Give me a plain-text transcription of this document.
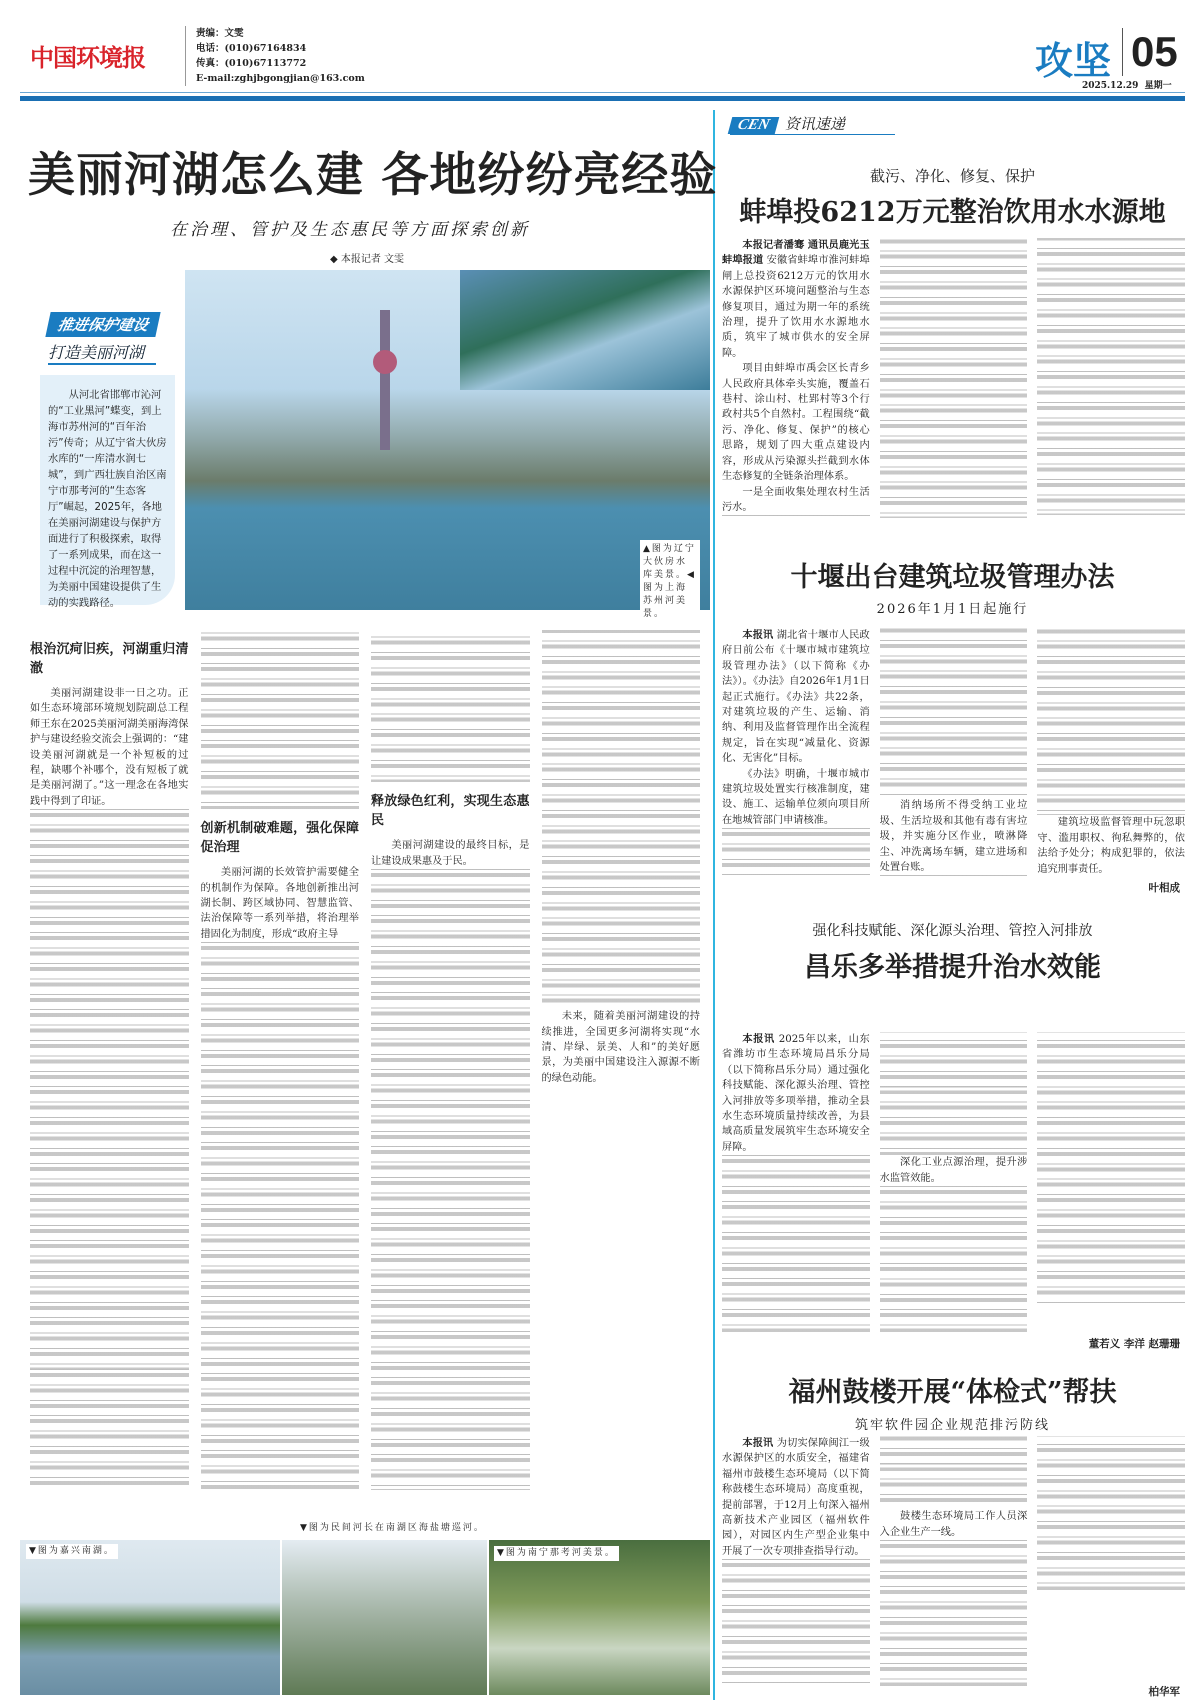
中国环境报
责编：文雯
电话：(010)67164834
传真：(010)67113772
E-mail:zghjbgongjian@163.com	攻坚 05
2025.12.29 星期一
美丽河湖怎么建 各地纷纷亮经验
在治理、管护及生态惠民等方面探索创新
◆ 本报记者 文雯
推进保护建设
打造美丽河湖
从河北省邯郸市沁河的“工业黑河”蝶变，到上海市苏州河的“百年治污”传奇；从辽宁省大伙房水库的“一库清水润七城”，到广西壮族自治区南宁市那考河的“生态客厅”崛起，2025年，各地在美丽河湖建设与保护方面进行了积极探索，取得了一系列成果，而在这一过程中沉淀的治理智慧，为美丽中国建设提供了生动的实践路径。
▲图为辽宁大伙房水库美景。◀图为上海苏州河美景。
根治沉疴旧疾，河湖重归清澈

美丽河湖建设非一日之功。正如生态环境部环境规划院副总工程师王东在2025美丽河湖美丽海湾保护与建设经验交流会上强调的：“建设美丽河湖就是一个补短板的过程，缺哪个补哪个，没有短板了就是美丽河湖了。”这一理念在各地实践中得到了印证。

创新机制破难题，强化保障促治理

美丽河湖的长效管护需要健全的机制作为保障。各地创新推出河湖长制、跨区域协同、智慧监管、法治保障等一系列举措，将治理举措固化为制度，形成“政府主导

释放绿色红利，实现生态惠民

美丽河湖建设的最终目标，是让建设成果惠及于民。

未来，随着美丽河湖建设的持续推进，全国更多河湖将实现“水清、岸绿、景美、人和”的美好愿景，为美丽中国建设注入源源不断的绿色动能。

▼图为民间河长在南湖区海盐塘巡河。
▼图为嘉兴南湖。	▼图为南宁那考河美景。
CEN 资讯速递
截污、净化、修复、保护
蚌埠投6212万元整治饮用水水源地

本报记者潘骞 通讯员鹿光玉蚌埠报道 安徽省蚌埠市淮河蚌埠闸上总投资6212万元的饮用水水源保护区环境问题整治与生态修复项目，通过为期一年的系统治理，提升了饮用水水源地水质，筑牢了城市供水的安全屏障。

项目由蚌埠市禹会区长青乡人民政府具体牵头实施，覆盖石巷村、涂山村、杜郢村等3个行政村共5个自然村。工程围绕“截污、净化、修复、保护”的核心思路，规划了四大重点建设内容，形成从污染源头拦截到水体生态修复的全链条治理体系。

一是全面收集处理农村生活污水。

十堰出台建筑垃圾管理办法
2026年1月1日起施行

本报讯 湖北省十堰市人民政府日前公布《十堰市城市建筑垃圾管理办法》（以下简称《办法》）。《办法》自2026年1月1日起正式施行。《办法》共22条，对建筑垃圾的产生、运输、消纳、利用及监督管理作出全流程规定，旨在实现“减量化、资源化、无害化”目标。

《办法》明确，十堰市城市建筑垃圾处置实行核准制度，建设、施工、运输单位须向项目所在地城管部门申请核准。

消纳场所不得受纳工业垃圾、生活垃圾和其他有毒有害垃圾，并实施分区作业，喷淋降尘、冲洗离场车辆，建立进场和处置台账。

建筑垃圾监督管理中玩忽职守、滥用职权、徇私舞弊的，依法给予处分；构成犯罪的，依法追究刑事责任。

叶相成
强化科技赋能、深化源头治理、管控入河排放
昌乐多举措提升治水效能

本报讯 2025年以来，山东省潍坊市生态环境局昌乐分局（以下简称昌乐分局）通过强化科技赋能、深化源头治理、管控入河排放等多项举措，推动全县水生态环境质量持续改善，为县域高质量发展筑牢生态环境安全屏障。

深化工业点源治理，提升涉水监管效能。

董若义 李洋 赵珊珊
福州鼓楼开展“体检式”帮扶
筑牢软件园企业规范排污防线

本报讯 为切实保障闽江一级水源保护区的水质安全，福建省福州市鼓楼生态环境局（以下简称鼓楼生态环境局）高度重视，提前部署，于12月上旬深入福州高新技术产业园区（福州软件园），对园区内生产型企业集中开展了一次专项排查指导行动。

鼓楼生态环境局工作人员深入企业生产一线。

柏华军
